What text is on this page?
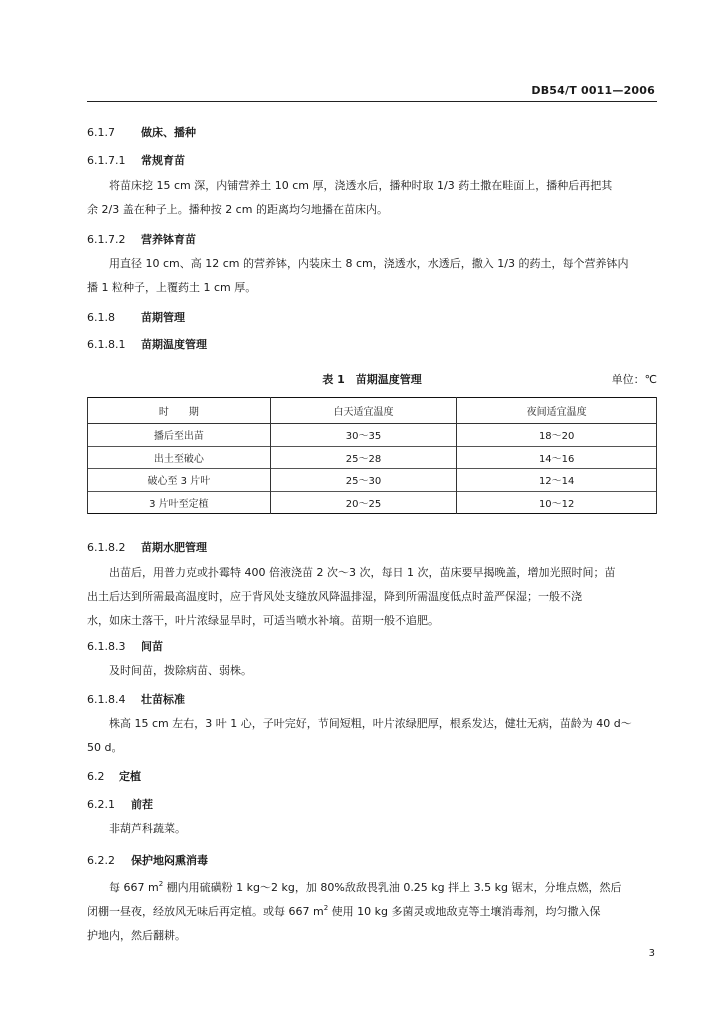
DB54/T 0011—2006
6.1.7 做床、播种
6.1.7.1 常规育苗
将苗床挖 15 cm 深，内铺营养土 10 cm 厚，浇透水后，播种时取 1/3 药土撒在畦面上，播种后再把其
余 2/3 盖在种子上。播种按 2 cm 的距离均匀地播在苗床内。
6.1.7.2 营养钵育苗
用直径 10 cm、高 12 cm 的营养钵，内装床土 8 cm，浇透水，水透后，撒入 1/3 的药土，每个营养钵内
播 1 粒种子，上覆药土 1 cm 厚。
6.1.8 苗期管理
6.1.8.1 苗期温度管理
表 1　苗期温度管理	单位：℃
时　　期	白天适宜温度	夜间适宜温度
播后至出苗	30～35	18～20
出土至破心	25～28	14～16
破心至 3 片叶	25～30	12～14
3 片叶至定植	20～25	10～12
6.1.8.2 苗期水肥管理
出苗后，用普力克或扑霉特 400 倍液浇苗 2 次～3 次，每日 1 次，苗床要早揭晚盖，增加光照时间；苗
出土后达到所需最高温度时，应于背风处支缝放风降温排湿，降到所需温度低点时盖严保湿；一般不浇
水，如床土落干，叶片浓绿显旱时，可适当喷水补墒。苗期一般不追肥。
6.1.8.3 间苗
及时间苗，拨除病苗、弱株。
6.1.8.4 壮苗标准
株高 15 cm 左右，3 叶 1 心，子叶完好，节间短粗，叶片浓绿肥厚，根系发达，健壮无病，苗龄为 40 d～
50 d。
6.2 定植
6.2.1 前茬
非葫芦科蔬菜。
6.2.2 保护地闷熏消毒
每 667 $m^2$ 棚内用硫磺粉 1 kg～2 kg，加 80%敌敌畏乳油 0.25 kg 拌上 3.5 kg 锯末，分堆点燃，然后
闭棚一昼夜，经放风无味后再定植。或每 667 $m^2$ 使用 10 kg 多菌灵或地敌克等土壤消毒剂，均匀撒入保
护地内，然后翻耕。
3
